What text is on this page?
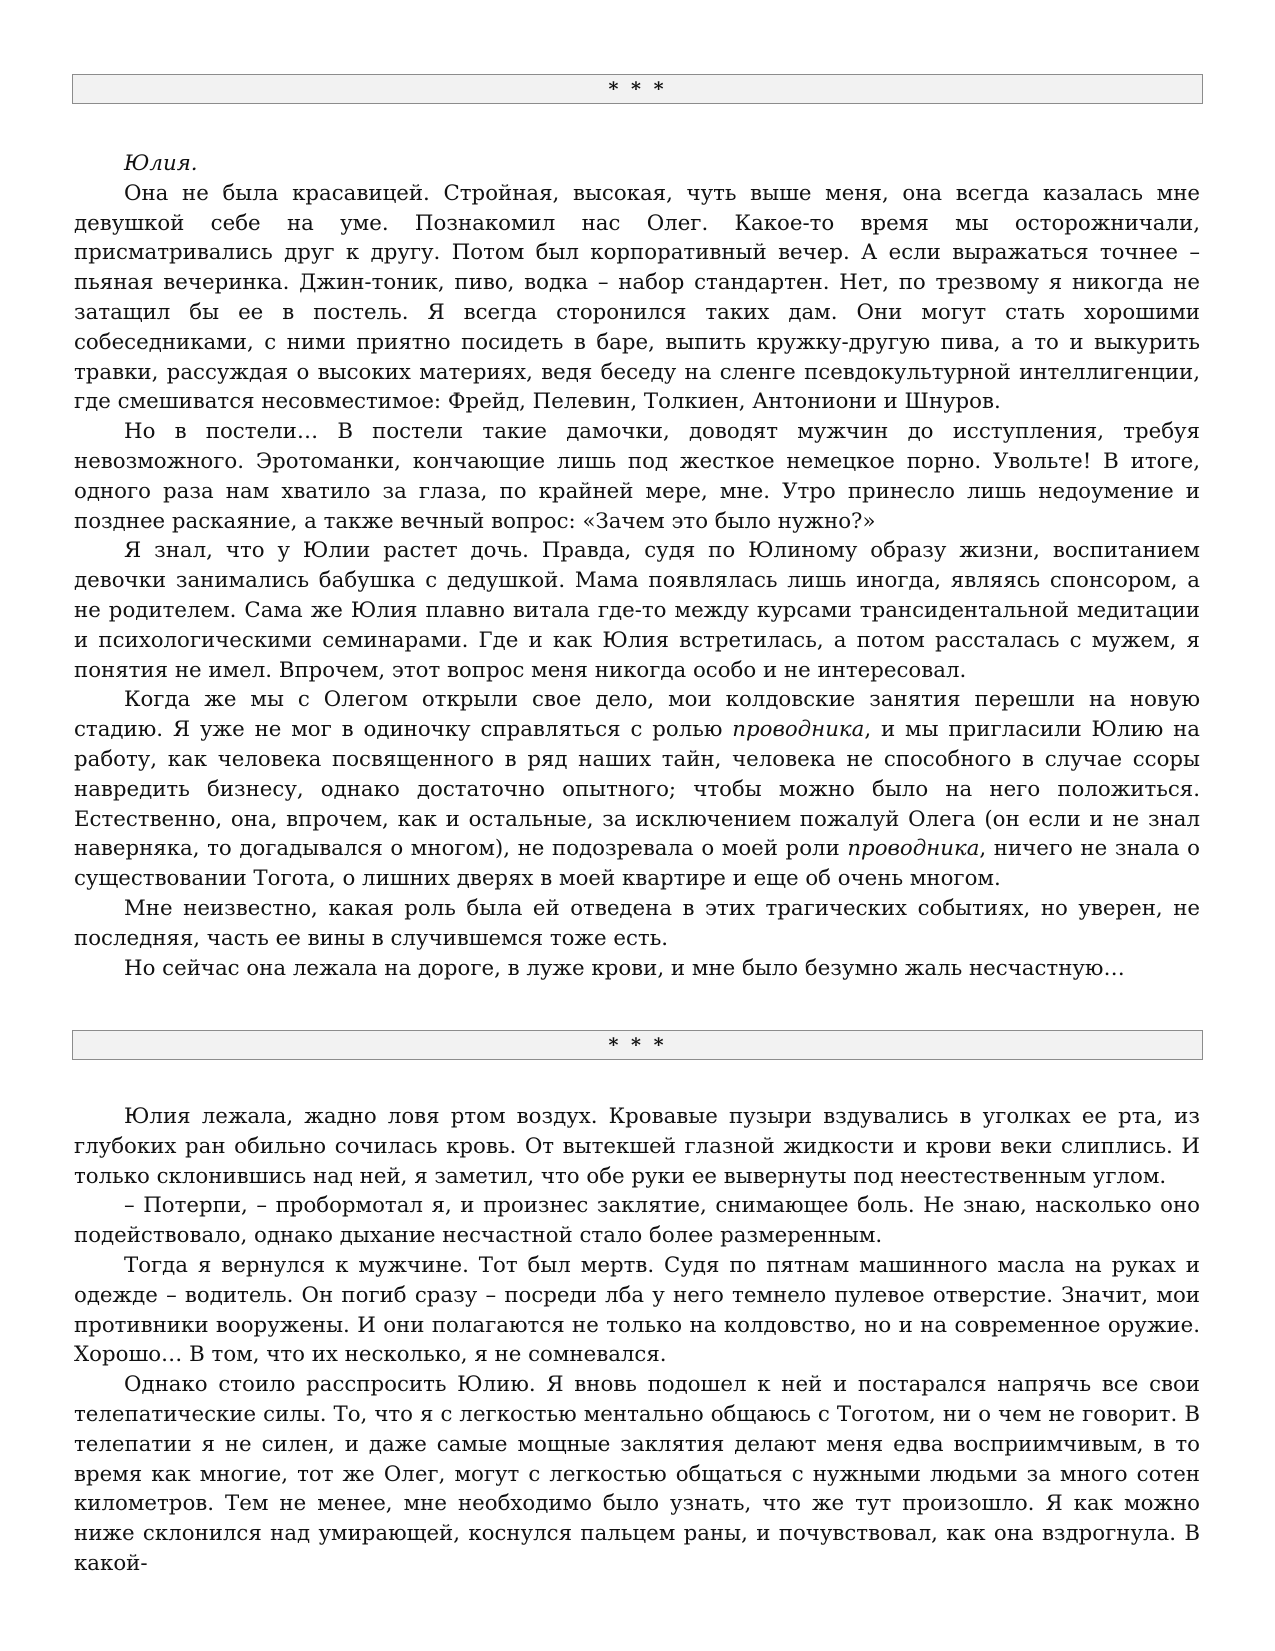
* * *

Юлия.

Она не была красавицей. Стройная, высокая, чуть выше меня, она всегда казалась мне девушкой себе на уме. Познакомил нас Олег. Какое-то время мы осторожничали, присматривались друг к другу. Потом был корпоративный вечер. А если выражаться точнее – пьяная вечеринка. Джин-тоник, пиво, водка – набор стандартен. Нет, по трезвому я никогда не затащил бы ее в постель. Я всегда сторонился таких дам. Они могут стать хорошими собеседниками, с ними приятно посидеть в баре, выпить кружку-другую пива, а то и выкурить травки, рассуждая о высоких материях, ведя беседу на сленге псевдокультурной интеллигенции, где смешиватся несовместимое: Фрейд, Пелевин, Толкиен, Антониони и Шнуров.

Но в постели… В постели такие дамочки, доводят мужчин до исступления, требуя невозможного. Эротоманки, кончающие лишь под жесткое немецкое порно. Увольте! В итоге, одного раза нам хватило за глаза, по крайней мере, мне. Утро принесло лишь недоумение и позднее раскаяние, а также вечный вопрос: «Зачем это было нужно?»

Я знал, что у Юлии растет дочь. Правда, судя по Юлиному образу жизни, воспитанием девочки занимались бабушка с дедушкой. Мама появлялась лишь иногда, являясь спонсором, а не родителем. Сама же Юлия плавно витала где-то между курсами трансидентальной медитации и психологическими семинарами. Где и как Юлия встретилась, а потом рассталась с мужем, я понятия не имел. Впрочем, этот вопрос меня никогда особо и не интересовал.

Когда же мы с Олегом открыли свое дело, мои колдовские занятия перешли на новую стадию. Я уже не мог в одиночку справляться с ролью проводника, и мы пригласили Юлию на работу, как человека посвященного в ряд наших тайн, человека не способного в случае ссоры навредить бизнесу, однако достаточно опытного; чтобы можно было на него положиться. Естественно, она, впрочем, как и остальные, за исключением пожалуй Олега (он если и не знал наверняка, то догадывался о многом), не подозревала о моей роли проводника, ничего не знала о существовании Тогота, о лишних дверях в моей квартире и еще об очень многом.

Мне неизвестно, какая роль была ей отведена в этих трагических событиях, но уверен, не последняя, часть ее вины в случившемся тоже есть.

Но сейчас она лежала на дороге, в луже крови, и мне было безумно жаль несчастную…

* * *

Юлия лежала, жадно ловя ртом воздух. Кровавые пузыри вздувались в уголках ее рта, из глубоких ран обильно сочилась кровь. От вытекшей глазной жидкости и крови веки слиплись. И только склонившись над ней, я заметил, что обе руки ее вывернуты под неестественным углом.

– Потерпи, – пробормотал я, и произнес заклятие, снимающее боль. Не знаю, насколько оно подействовало, однако дыхание несчастной стало более размеренным.

Тогда я вернулся к мужчине. Тот был мертв. Судя по пятнам машинного масла на руках и одежде – водитель. Он погиб сразу – посреди лба у него темнело пулевое отверстие. Значит, мои противники вооружены. И они полагаются не только на колдовство, но и на современное оружие. Хорошо… В том, что их несколько, я не сомневался.

Однако стоило расспросить Юлию. Я вновь подошел к ней и постарался напрячь все свои телепатические силы. То, что я с легкостью ментально общаюсь с Тоготом, ни о чем не говорит. В телепатии я не силен, и даже самые мощные заклятия делают меня едва восприимчивым, в то время как многие, тот же Олег, могут с легкостью общаться с нужными людьми за много сотен километров. Тем не менее, мне необходимо было узнать, что же тут произошло. Я как можно ниже склонился над умирающей, коснулся пальцем раны, и почувствовал, как она вздрогнула. В какой-
